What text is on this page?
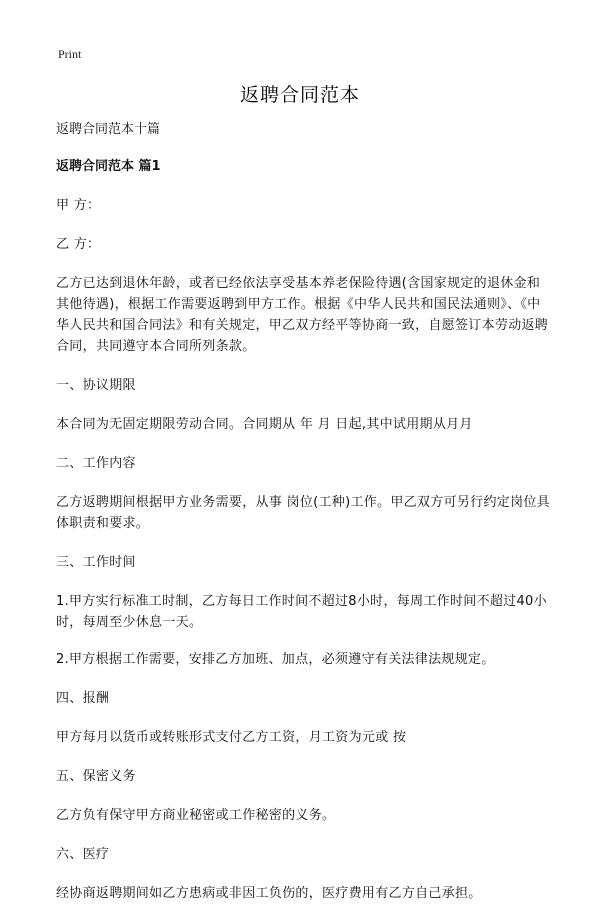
Print
返聘合同范本
返聘合同范本十篇
返聘合同范本 篇1
甲 方：
乙 方：
乙方已达到退休年龄，或者已经依法享受基本养老保险待遇(含国家规定的退休金和其他待遇)，根据工作需要返聘到甲方工作。根据《中华人民共和国民法通则》、《中华人民共和国合同法》和有关规定，甲乙双方经平等协商一致，自愿签订本劳动返聘合同，共同遵守本合同所列条款。
一、协议期限
本合同为无固定期限劳动合同。合同期从 年 月 日起,其中试用期从月月
二、工作内容
乙方返聘期间根据甲方业务需要，从事 岗位(工种)工作。甲乙双方可另行约定岗位具体职责和要求。
三、工作时间
1.甲方实行标准工时制，乙方每日工作时间不超过8小时，每周工作时间不超过40小时，每周至少休息一天。
2.甲方根据工作需要，安排乙方加班、加点，必须遵守有关法律法规规定。
四、报酬
甲方每月以货币或转账形式支付乙方工资，月工资为元或 按
五、保密义务
乙方负有保守甲方商业秘密或工作秘密的义务。
六、医疗
经协商返聘期间如乙方患病或非因工负伤的，医疗费用有乙方自己承担。
